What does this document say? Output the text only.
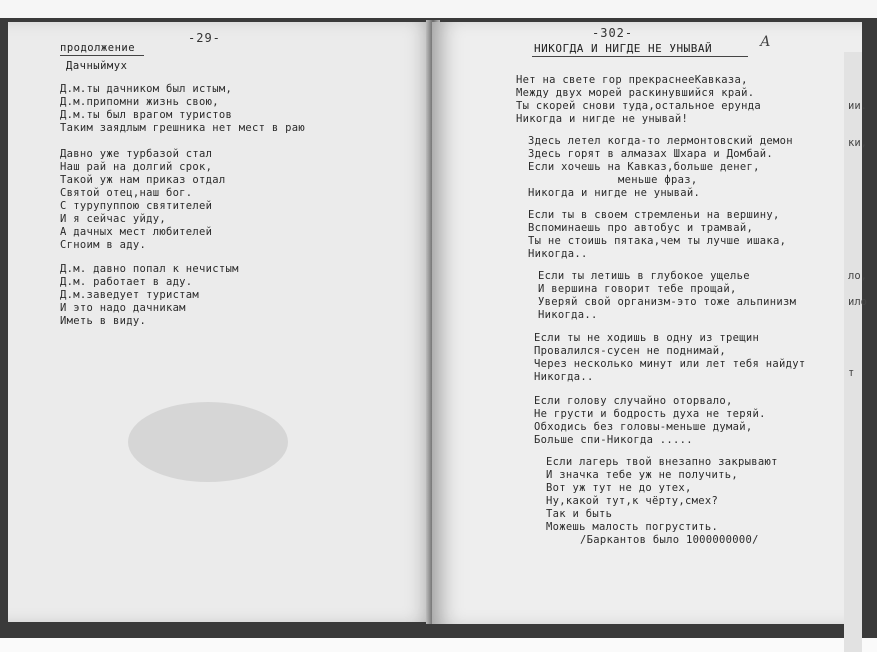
-29-
продолжение
Дачныймух
Д.м.ты дачником был истым,
Д.м.припомни жизнь свою,
Д.м.ты был врагом туристов
Таким заядлым грешника нет мест в раю
Давно уже турбазой стал
Наш рай на долгий срок,
Такой уж нам приказ отдал
Святой отец,наш бог.
С турупуппою святителей
И я сейчас уйду,
А дачных мест любителей
Сгноим в аду.
Д.м. давно попал к нечистым
Д.м. работает в аду.
Д.м.заведует туристам
И это надо дачникам
Иметь в виду.
-302-
А
НИКОГДА И НИГДЕ НЕ УНЫВАЙ
Нет на свете гор прекраснееКавказа,
Между двух морей раскинувшийся край.
Ты скорей снови туда,остальное ерунда
Никогда и нигде не унывай!
Здесь летел когда-то лермонтовский демон
Здесь горят в алмазах Шхара и Домбай.
Если хочешь на Кавказ,больше денег,
меньше фраз,
Никогда и нигде не унывай.
Если ты в своем стремленьи на вершину,
Вспоминаешь про автобус и трамвай,
Ты не стоишь пятака,чем ты лучше ишака,
Никогда..
Если ты летишь в глубокое ущелье
И вершина говорит тебе прощай,
Уверяй свой организм-это тоже альпинизм
Никогда..
Если ты не ходишь в одну из трещин
Провалился-сусен не поднимай,
Через несколько минут или лет тебя найдут
Никогда..
Если голову случайно оторвало,
Не грусти и бодрость духа не теряй.
Обходись без головы-меньше думай,
Больше спи-Никогда .....
Если лагерь твой внезапно закрывают
И значка тебе уж не получить,
Вот уж тут не до утех,
Ну,какой тут,к чёрту,смех?
Так и быть
Можешь малость погрустить.
/Баркантов было 1000000000/
ии.
ки,
ло,
ило
т
